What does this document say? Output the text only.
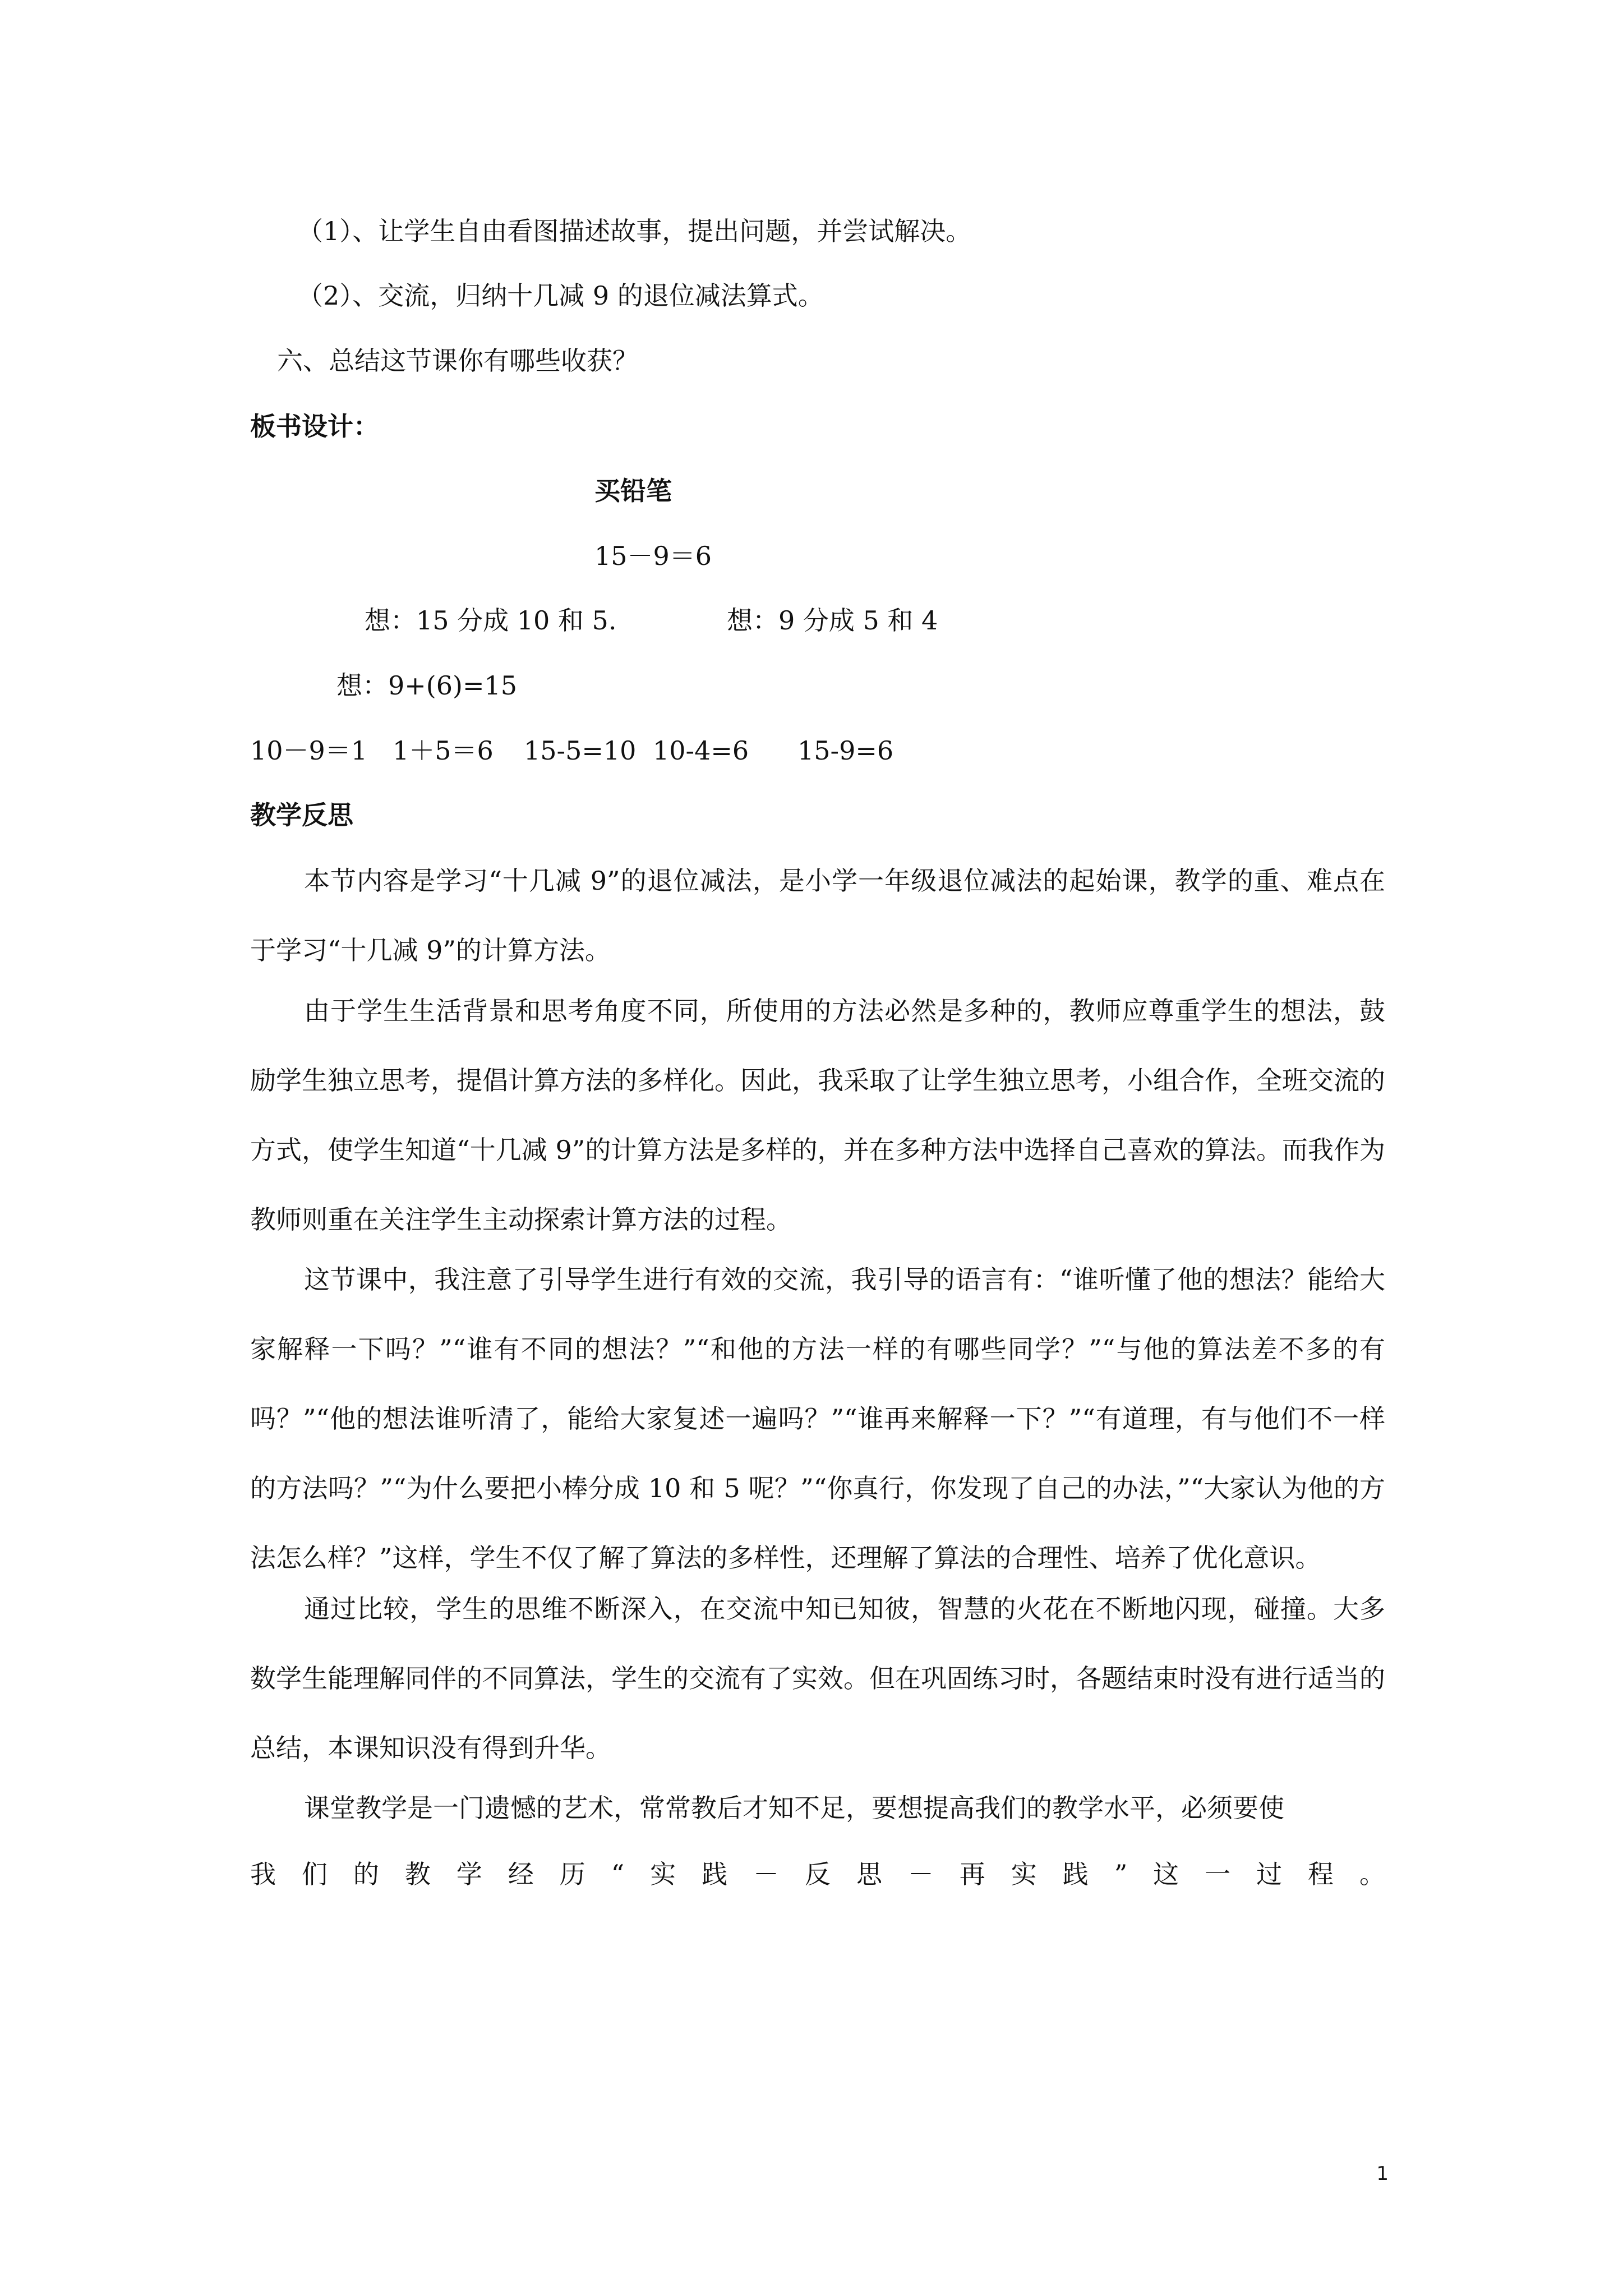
（1）、让学生自由看图描述故事，提出问题，并尝试解决。
（2）、交流，归纳十几减 9 的退位减法算式。
六、总结这节课你有哪些收获？
板书设计：
买铅笔
15－9＝6
想：15 分成 10 和 5.	想：9 分成 5 和 4
想：9+(6)=15
10－9＝1 1＋5＝6 15-5=10 10-4=6 15-9=6
教学反思
本节内容是学习“十几减 9”的退位减法，是小学一年级退位减法的起始课，教学的重、难点在于学习“十几减 9”的计算方法。
由于学生生活背景和思考角度不同，所使用的方法必然是多种的，教师应尊重学生的想法，鼓励学生独立思考，提倡计算方法的多样化。因此，我采取了让学生独立思考，小组合作，全班交流的方式，使学生知道“十几减 9”的计算方法是多样的，并在多种方法中选择自己喜欢的算法。而我作为教师则重在关注学生主动探索计算方法的过程。
这节课中，我注意了引导学生进行有效的交流，我引导的语言有：“谁听懂了他的想法？能给大家解释一下吗？”“谁有不同的想法？”“和他的方法一样的有哪些同学？”“与他的算法差不多的有吗？”“他的想法谁听清了，能给大家复述一遍吗？”“谁再来解释一下？”“有道理，有与他们不一样的方法吗？”“为什么要把小棒分成 10 和 5 呢？”“你真行，你发现了自己的办法，”“大家认为他的方法怎么样？”这样，学生不仅了解了算法的多样性，还理解了算法的合理性、培养了优化意识。
通过比较，学生的思维不断深入，在交流中知已知彼，智慧的火花在不断地闪现，碰撞。大多数学生能理解同伴的不同算法，学生的交流有了实效。但在巩固练习时，各题结束时没有进行适当的总结，本课知识没有得到升华。
课堂教学是一门遗憾的艺术，常常教后才知不足，要想提高我们的教学水平，必须要使
我们的教学经历“实践－反思－再实践”这一过程。
1
